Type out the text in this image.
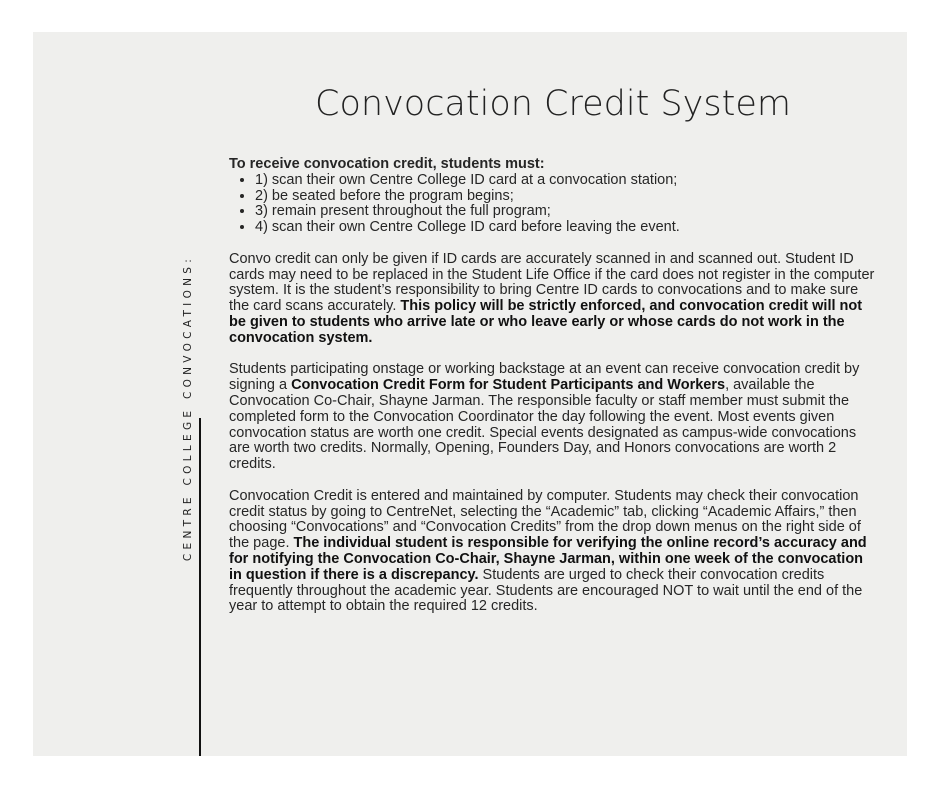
CENTRE COLLEGE CONVOCATIONS:
Convocation Credit System

To receive convocation credit, students must:

• 1) scan their own Centre College ID card at a convocation station;
• 2) be seated before the program begins;
• 3) remain present throughout the full program;
• 4) scan their own Centre College ID card before leaving the event.

Convo credit can only be given if ID cards are accurately scanned in and scanned out. Student ID cards may need to be replaced in the Student Life Office if the card does not register in the computer system. It is the student’s responsibility to bring Centre ID cards to convocations and to make sure the card scans accurately. This policy will be strictly enforced, and convocation credit will not be given to students who arrive late or who leave early or whose cards do not work in the convocation system.

Students participating onstage or working backstage at an event can receive convocation credit by signing a Convocation Credit Form for Student Participants and Workers, available the Convocation Co-Chair, Shayne Jarman. The responsible faculty or staff member must submit the completed form to the Convocation Coordinator the day following the event. Most events given convocation status are worth one credit. Special events designated as campus-wide convocations are worth two credits. Normally, Opening, Founders Day, and Honors convocations are worth 2 credits.

Convocation Credit is entered and maintained by computer. Students may check their convocation credit status by going to CentreNet, selecting the “Academic” tab, clicking “Academic Affairs,” then choosing “Convocations” and “Convocation Credits” from the drop down menus on the right side of the page. The individual student is responsible for verifying the online record’s accuracy and for notifying the Convocation Co-Chair, Shayne Jarman, within one week of the convocation in question if there is a discrepancy. Students are urged to check their convocation credits frequently throughout the academic year. Students are encouraged NOT to wait until the end of the year to attempt to obtain the required 12 credits.
